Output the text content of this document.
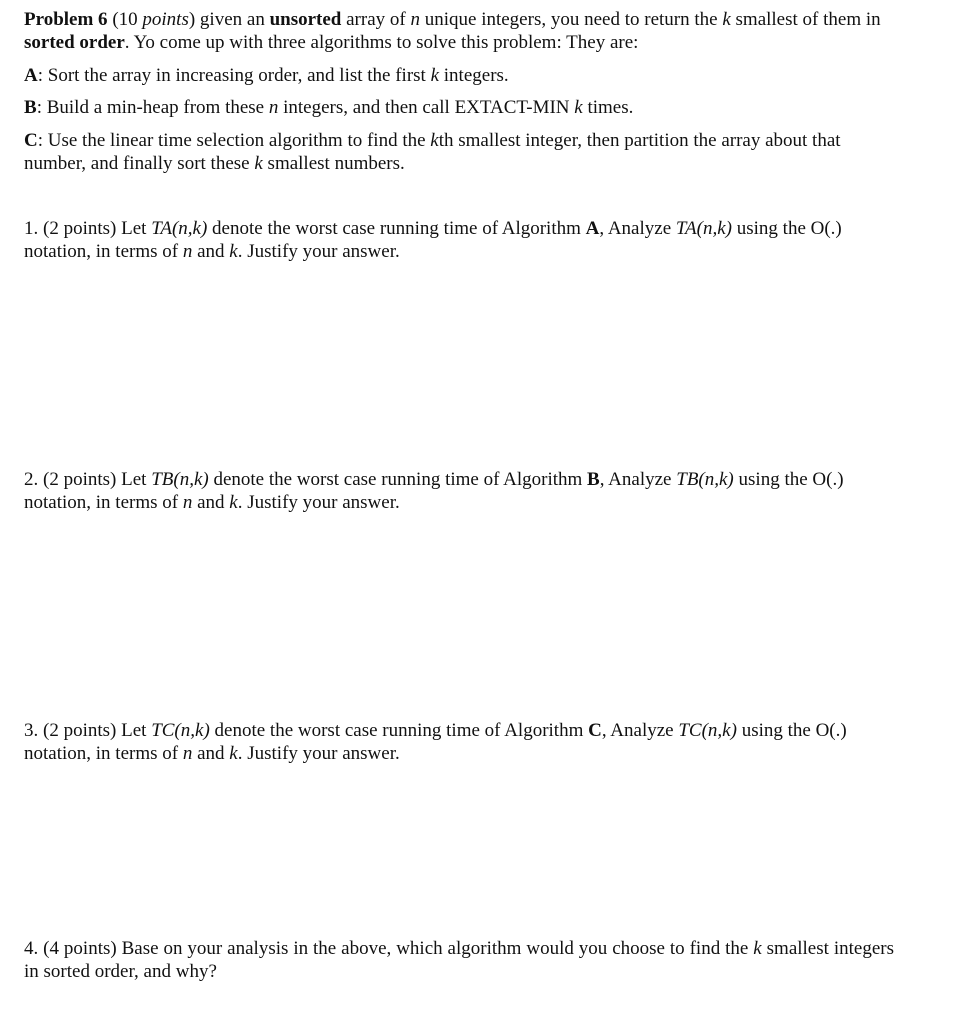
Problem 6 (10 points) given an unsorted array of n unique integers, you need to return the k smallest of them in sorted order. Yo come up with three algorithms to solve this problem: They are:

A: Sort the array in increasing order, and list the first k integers.

B: Build a min-heap from these n integers, and then call EXTACT-MIN k times.

C: Use the linear time selection algorithm to find the kth smallest integer, then partition the array about that number, and finally sort these k smallest numbers.

1. (2 points) Let TA(n,k) denote the worst case running time of Algorithm A, Analyze TA(n,k) using the O(.) notation, in terms of n and k. Justify your answer.

2. (2 points) Let TB(n,k) denote the worst case running time of Algorithm B, Analyze TB(n,k) using the O(.) notation, in terms of n and k. Justify your answer.

3. (2 points) Let TC(n,k) denote the worst case running time of Algorithm C, Analyze TC(n,k) using the O(.) notation, in terms of n and k. Justify your answer.

4. (4 points) Base on your analysis in the above, which algorithm would you choose to find the k smallest integers in sorted order, and why?
